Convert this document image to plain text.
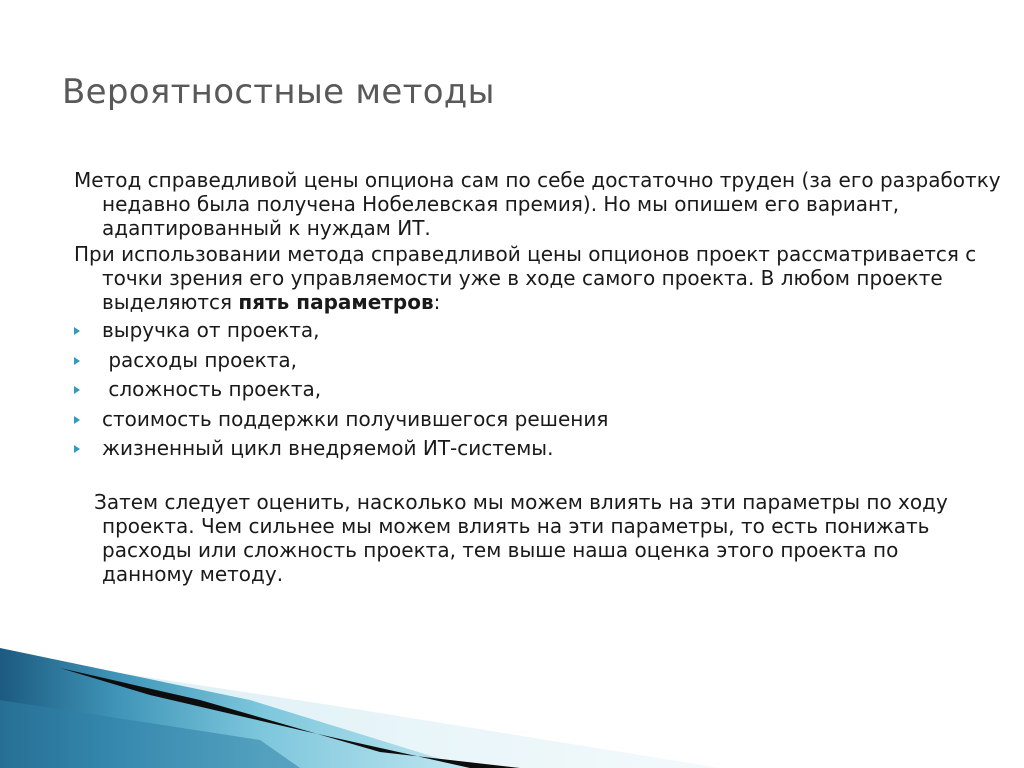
Вероятностные методы
Метод справедливой цены опциона сам по себе достаточно труден (за его разработку недавно была получена Нобелевская премия). Но мы опишем его вариант, адаптированный к нуждам ИТ.
При использовании метода справедливой цены опционов проект рассматривается с точки зрения его управляемости уже в ходе самого проекта. В любом проекте выделяются пять параметров:
выручка от проекта,
расходы проекта,
сложность проекта,
стоимость поддержки получившегося решения
жизненный цикл внедряемой ИТ-системы.
Затем следует оценить, насколько мы можем влиять на эти параметры по ходу проекта. Чем сильнее мы можем влиять на эти параметры, то есть понижать расходы или сложность проекта, тем выше наша оценка этого проекта по данному методу.
